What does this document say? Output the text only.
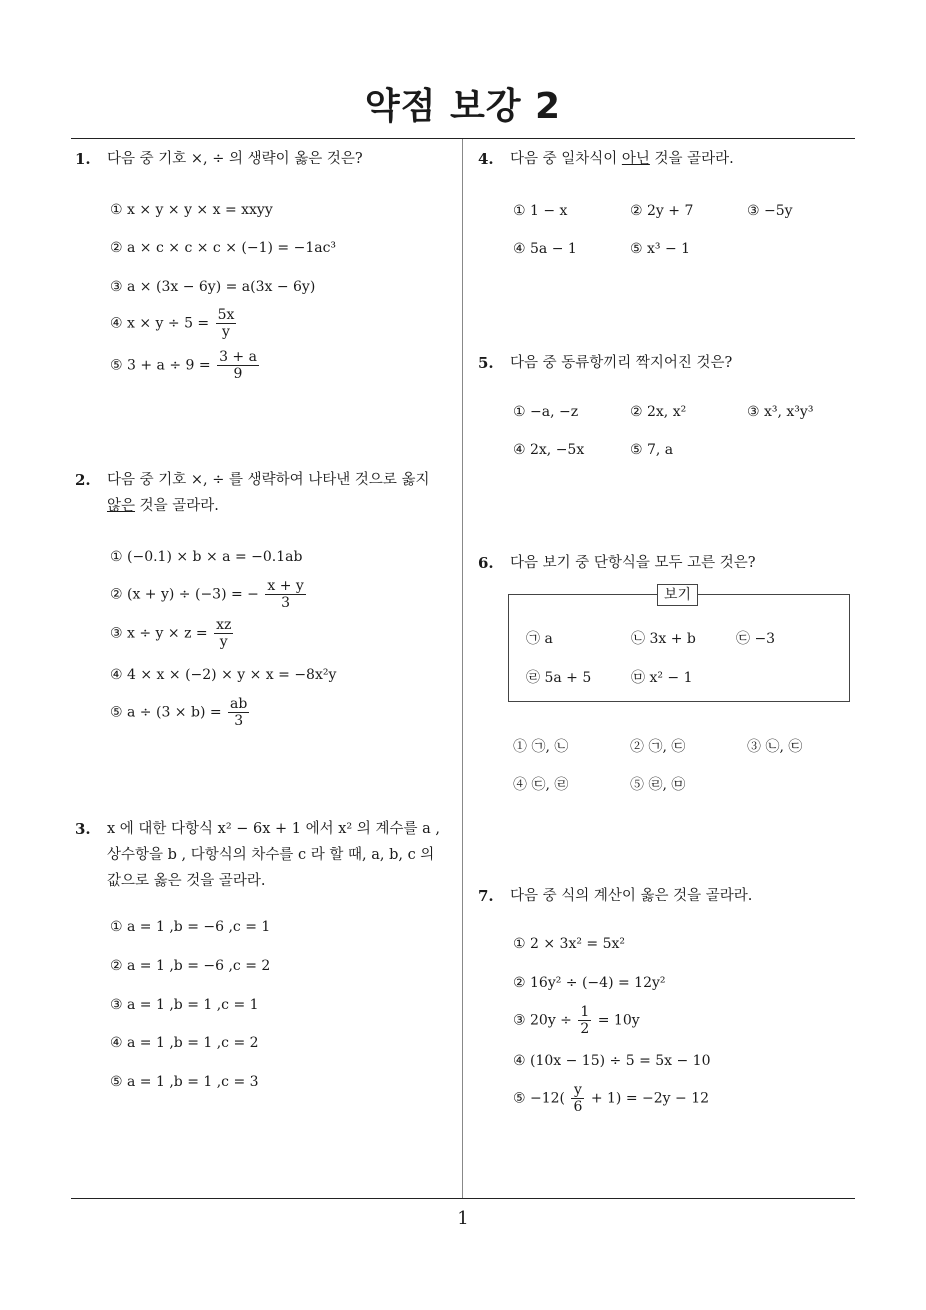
약점 보강 2
1
1. 다음 중 기호 ×, ÷ 의 생략이 옳은 것은?
① x × y × y × x = xxyy
② a × c × c × c × (−1) = −1ac³
③ a × (3x − 6y) = a(3x − 6y)
④ $x \times y \div 5 = \frac{5x}{y}$
⑤ $3 + a \div 9 = \frac{3 + a}{9}$
2. 다음 중 기호 ×, ÷ 를 생략하여 나타낸 것으로 옳지
않은 것을 골라라.
① (−0.1) × b × a = −0.1ab
② (x + y) ÷ (−3) = − $\frac{x + y}{3}$
③ $x \div y \times z = \frac{xz}{y}$
④ 4 × x × (−2) × y × x = −8x²y
⑤ $a \div (3 \times b) = \frac{ab}{3}$
3. x 에 대한 다항식 x² − 6x + 1 에서 x² 의 계수를 a ,
상수항을 b , 다항식의 차수를 c 라 할 때, a, b, c 의
값으로 옳은 것을 골라라.
① a = 1 ,b = −6 ,c = 1
② a = 1 ,b = −6 ,c = 2
③ a = 1 ,b = 1 ,c = 1
④ a = 1 ,b = 1 ,c = 2
⑤ a = 1 ,b = 1 ,c = 3
4. 다음 중 일차식이 아닌 것을 골라라.
① 1 − x	② 2y + 7	③ −5y
④ 5a − 1	⑤ x³ − 1
5. 다음 중 동류항끼리 짝지어진 것은?
① −a, −z	② 2x, x²	③ x³, x³y³
④ 2x, −5x	⑤ 7, a
6. 다음 보기 중 단항식을 모두 고른 것은?
보기
㉠ a	㉡ 3x + b	㉢ −3
㉣ 5a + 5	㉤ x² − 1
① ㉠, ㉡	② ㉠, ㉢	③ ㉡, ㉢
④ ㉢, ㉣	⑤ ㉣, ㉤
7. 다음 중 식의 계산이 옳은 것을 골라라.
① 2 × 3x² = 5x²
② 16y² ÷ (−4) = 12y²
③ $20y \div \frac{1}{2} = 10y$
④ (10x − 15) ÷ 5 = 5x − 10
⑤ $-12( \frac{y}{6} + 1) = -2y - 12$
